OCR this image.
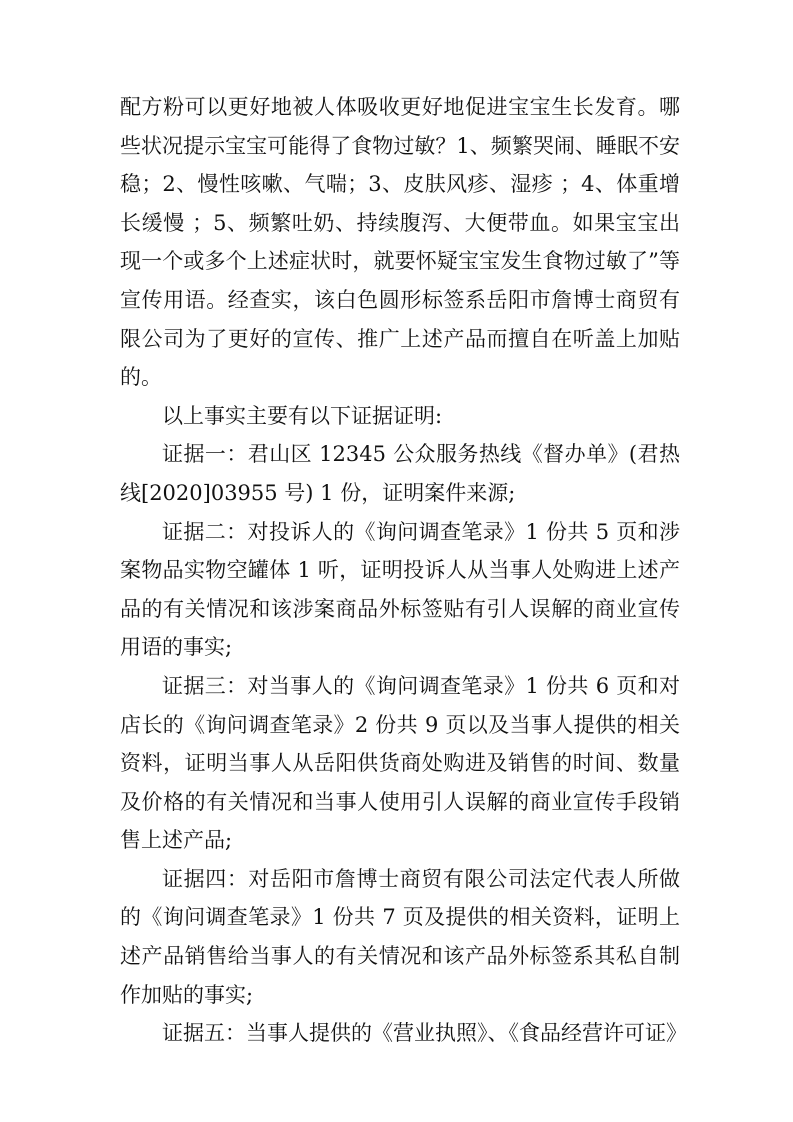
配方粉可以更好地被人体吸收更好地促进宝宝生长发育。哪些状况提示宝宝可能得了食物过敏？1、频繁哭闹、睡眠不安稳；2、慢性咳嗽、气喘；3、皮肤风疹、湿疹 ；4、体重增长缓慢 ；5、频繁吐奶、持续腹泻、大便带血。如果宝宝出现一个或多个上述症状时，就要怀疑宝宝发生食物过敏了”等宣传用语。经查实，该白色圆形标签系岳阳市詹博士商贸有限公司为了更好的宣传、推广上述产品而擅自在听盖上加贴的。

以上事实主要有以下证据证明:

证据一：君山区 12345 公众服务热线《督办单》(君热线[2020]03955 号) 1 份，证明案件来源;

证据二：对投诉人的《询问调查笔录》1 份共 5 页和涉案物品实物空罐体 1 听，证明投诉人从当事人处购进上述产品的有关情况和该涉案商品外标签贴有引人误解的商业宣传用语的事实;

证据三：对当事人的《询问调查笔录》1 份共 6 页和对店长的《询问调查笔录》2 份共 9 页以及当事人提供的相关资料，证明当事人从岳阳供货商处购进及销售的时间、数量及价格的有关情况和当事人使用引人误解的商业宣传手段销售上述产品;

证据四：对岳阳市詹博士商贸有限公司法定代表人所做的《询问调查笔录》1 份共 7 页及提供的相关资料，证明上述产品销售给当事人的有关情况和该产品外标签系其私自制作加贴的事实;

证据五：当事人提供的《营业执照》、《食品经营许可证》
